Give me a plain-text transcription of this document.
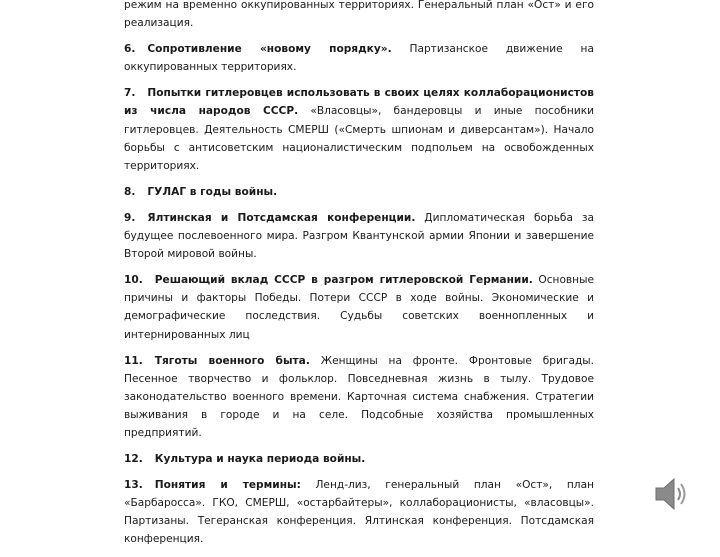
режим на временно оккупированных территориях. Генеральный план «Ост» и его реализация.

6. Сопротивление «новому порядку». Партизанское движение на оккупированных территориях.

7. Попытки гитлеровцев использовать в своих целях коллаборационистов из числа народов СССР. «Власовцы», бандеровцы и иные пособники гитлеровцев. Деятельность СМЕРШ («Смерть шпионам и диверсантам»). Начало борьбы с антисоветским националистическим подпольем на освобожденных территориях.

8. ГУЛАГ в годы войны.

9. Ялтинская и Потсдамская конференции. Дипломатическая борьба за будущее послевоенного мира. Разгром Квантунской армии Японии и завершение Второй мировой войны.

10. Решающий вклад СССР в разгром гитлеровской Германии. Основные причины и факторы Победы. Потери СССР в ходе войны. Экономические и демографические последствия. Судьбы советских военнопленных и интернированных лиц

11. Тяготы военного быта. Женщины на фронте. Фронтовые бригады. Песенное творчество и фольклор. Повседневная жизнь в тылу. Трудовое законодательство военного времени. Карточная система снабжения. Стратегии выживания в городе и на селе. Подсобные хозяйства промышленных предприятий.

12. Культура и наука периода войны.

13. Понятия и термины: Ленд-лиз, генеральный план «Ост», план «Барбаросса». ГКО, СМЕРШ, «остарбайтеры», коллаборационисты, «власовцы». Партизаны. Тегеранская конференция. Ялтинская конференция. Потсдамская конференция.
